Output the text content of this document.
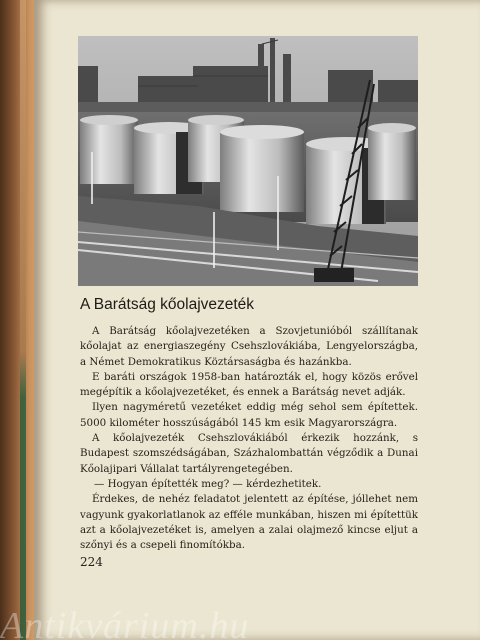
A Barátság kőolajvezeték

A Barátság kőolajvezetéken a Szovjetunióból szállítanak kőolajat az energiaszegény Csehszlovákiába, Lengyelországba, a Német Demokratikus Köztársaságba és hazánkba.

E baráti országok 1958-ban határozták el, hogy közös erővel megépítik a kőolajvezetéket, és ennek a Barátság nevet adják.

Ilyen nagyméretű vezetéket eddig még sehol sem építettek. 5000 kilométer hosszúságából 145 km esik Magyarországra.

A kőolajvezeték Csehszlovákiából érkezik hozzánk, s Budapest szomszédságában, Százhalombattán végződik a Dunai Kőolajipari Vállalat tartályrengetegében.

— Hogyan építették meg? — kérdezhetitek.

Érdekes, de nehéz feladatot jelentett az építése, jóllehet nem vagyunk gyakorlatlanok az efféle munkában, hiszen mi építettük azt a kőolajvezetéket is, amelyen a zalai olajmező kincse eljut a szőnyi és a csepeli finomítókba.

224
Antikvárium.hu
